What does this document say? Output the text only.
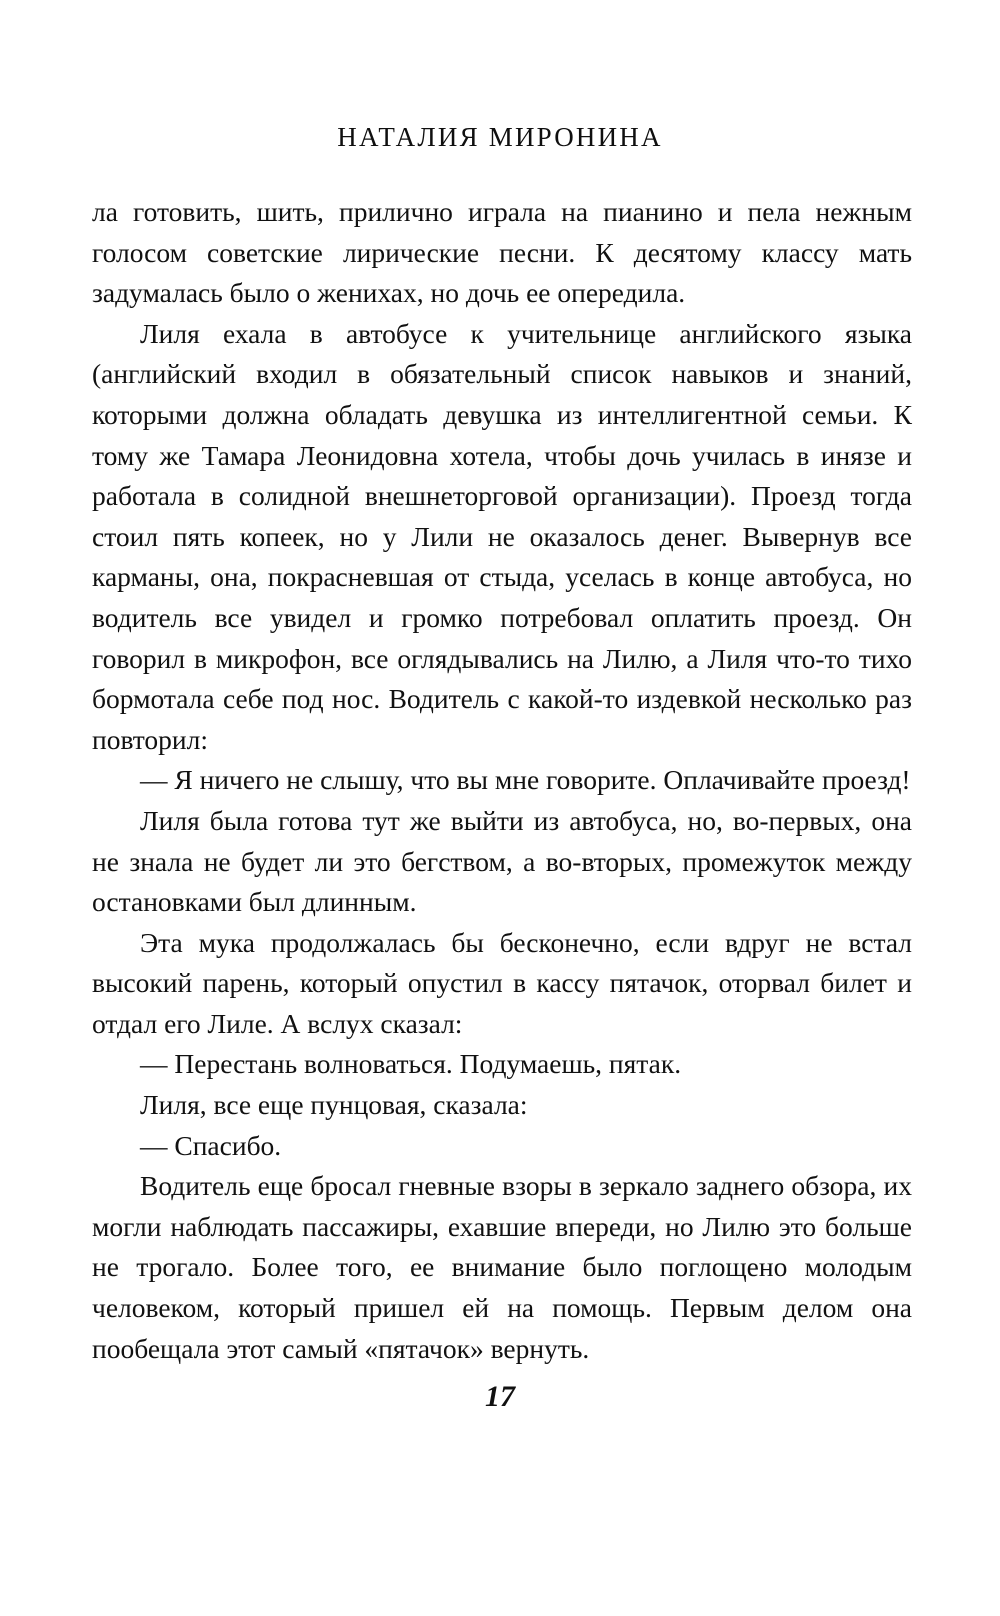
НАТАЛИЯ МИРОНИНА

ла готовить, шить, прилично играла на пианино и пела нежным голосом советские лирические песни. К десятому классу мать задумалась было о женихах, но дочь ее опередила.

Лиля ехала в автобусе к учительнице английского языка (английский входил в обязательный список навыков и знаний, которыми должна обладать девушка из интеллигентной семьи. К тому же Тамара Леонидовна хотела, чтобы дочь училась в инязе и работала в солидной внешнеторговой организации). Проезд тогда стоил пять копеек, но у Лили не оказалось денег. Вывернув все карманы, она, покрасневшая от стыда, уселась в конце автобуса, но водитель все увидел и громко потребовал оплатить проезд. Он говорил в микрофон, все оглядывались на Лилю, а Лиля что-то тихо бормотала себе под нос. Водитель с какой-то издевкой несколько раз повторил:

— Я ничего не слышу, что вы мне говорите. Оплачивайте проезд!

Лиля была готова тут же выйти из автобуса, но, во-первых, она не знала не будет ли это бегством, а во-вторых, промежуток между остановками был длинным.

Эта мука продолжалась бы бесконечно, если вдруг не встал высокий парень, который опустил в кассу пятачок, оторвал билет и отдал его Лиле. А вслух сказал:

— Перестань волноваться. Подумаешь, пятак.

Лиля, все еще пунцовая, сказала:

— Спасибо.

Водитель еще бросал гневные взоры в зеркало заднего обзора, их могли наблюдать пассажиры, ехавшие впереди, но Лилю это больше не трогало. Более того, ее внимание было поглощено молодым человеком, который пришел ей на помощь. Первым делом она пообещала этот самый «пятачок» вернуть.

17
